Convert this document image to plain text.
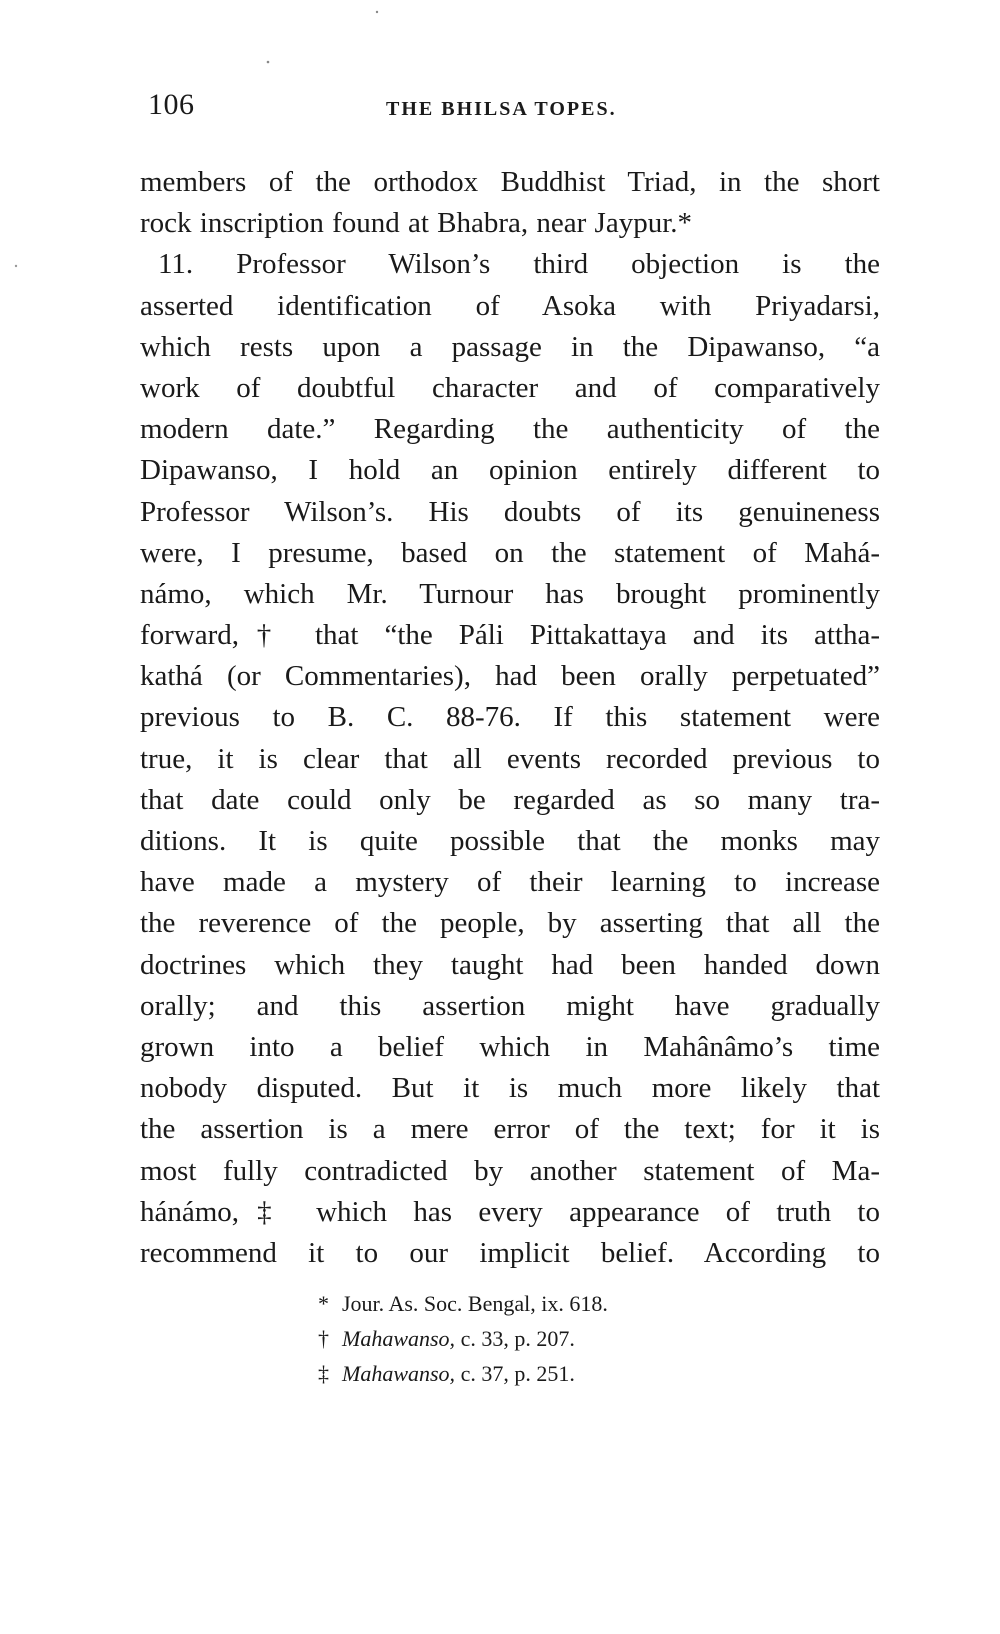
106	THE BHILSA TOPES.
members of the orthodox Buddhist Triad, in the short
rock inscription found at Bhabra, near Jaypur.*
11. Professor Wilson’s third objection is the
asserted identification of Asoka with Priyadarsi,
which rests upon a passage in the Dipawanso, “a
work of doubtful character and of comparatively
modern date.” Regarding the authenticity of the
Dipawanso, I hold an opinion entirely different to
Professor Wilson’s. His doubts of its genuineness
were, I presume, based on the statement of Mahá-
námo, which Mr. Turnour has brought prominently
forward,† that “the Páli Pittakattaya and its attha-
kathá (or Commentaries), had been orally perpetuated”
previous to B. C. 88-76. If this statement were
true, it is clear that all events recorded previous to
that date could only be regarded as so many tra-
ditions. It is quite possible that the monks may
have made a mystery of their learning to increase
the reverence of the people, by asserting that all the
doctrines which they taught had been handed down
orally; and this assertion might have gradually
grown into a belief which in Mahânâmo’s time
nobody disputed. But it is much more likely that
the assertion is a mere error of the text; for it is
most fully contradicted by another statement of Ma-
hánámo,‡ which has every appearance of truth to
recommend it to our implicit belief. According to
* Jour. As. Soc. Bengal, ix. 618.
† Mahawanso, c. 33, p. 207.
‡ Mahawanso, c. 37, p. 251.
